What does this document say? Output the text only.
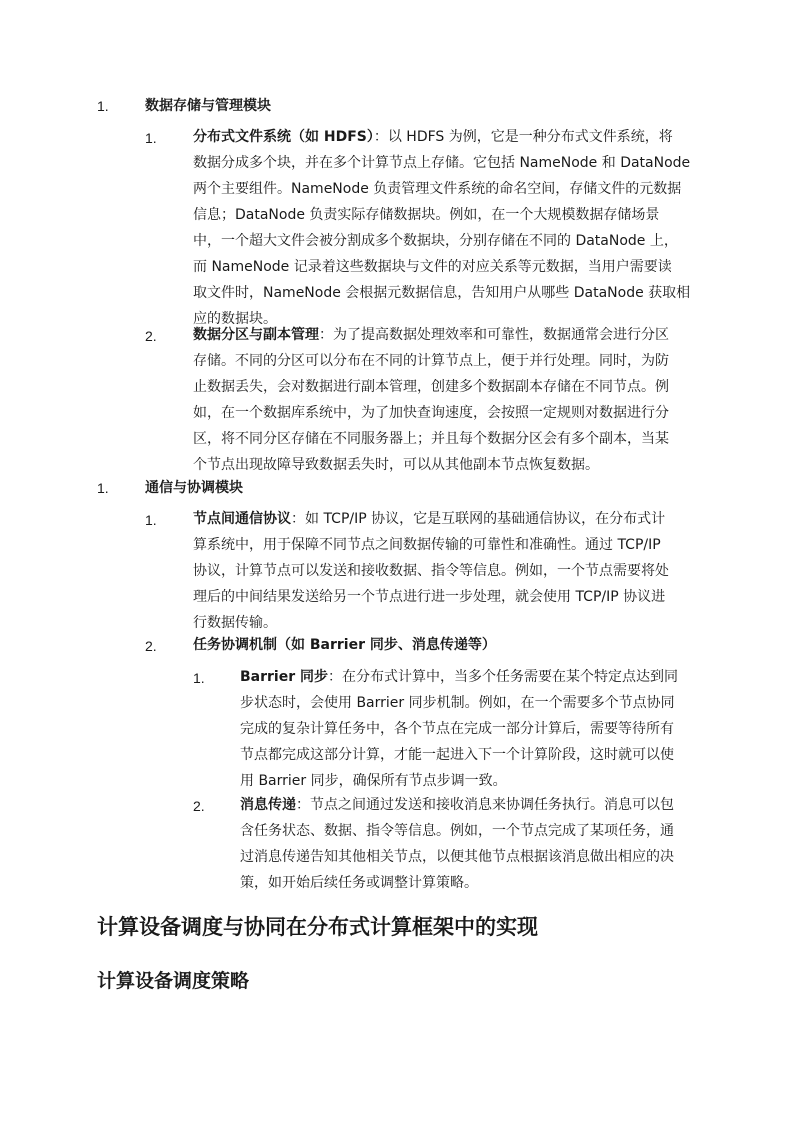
1.	数据存储与管理模块
1.	分布式文件系统（如 HDFS）：以 HDFS 为例，它是一种分布式文件系统，将
数据分成多个块，并在多个计算节点上存储。它包括 NameNode 和 DataNode
两个主要组件。NameNode 负责管理文件系统的命名空间，存储文件的元数据
信息；DataNode 负责实际存储数据块。例如，在一个大规模数据存储场景
中，一个超大文件会被分割成多个数据块，分别存储在不同的 DataNode 上，
而 NameNode 记录着这些数据块与文件的对应关系等元数据，当用户需要读
取文件时，NameNode 会根据元数据信息，告知用户从哪些 DataNode 获取相
应的数据块。
2.	数据分区与副本管理：为了提高数据处理效率和可靠性，数据通常会进行分区
存储。不同的分区可以分布在不同的计算节点上，便于并行处理。同时，为防
止数据丢失，会对数据进行副本管理，创建多个数据副本存储在不同节点。例
如，在一个数据库系统中，为了加快查询速度，会按照一定规则对数据进行分
区，将不同分区存储在不同服务器上；并且每个数据分区会有多个副本，当某
个节点出现故障导致数据丢失时，可以从其他副本节点恢复数据。
1.	通信与协调模块
1.	节点间通信协议：如 TCP/IP 协议，它是互联网的基础通信协议，在分布式计
算系统中，用于保障不同节点之间数据传输的可靠性和准确性。通过 TCP/IP
协议，计算节点可以发送和接收数据、指令等信息。例如，一个节点需要将处
理后的中间结果发送给另一个节点进行进一步处理，就会使用 TCP/IP 协议进
行数据传输。
2.	任务协调机制（如 Barrier 同步、消息传递等）
1.	Barrier 同步：在分布式计算中，当多个任务需要在某个特定点达到同
步状态时，会使用 Barrier 同步机制。例如，在一个需要多个节点协同
完成的复杂计算任务中，各个节点在完成一部分计算后，需要等待所有
节点都完成这部分计算，才能一起进入下一个计算阶段，这时就可以使
用 Barrier 同步，确保所有节点步调一致。
2.	消息传递：节点之间通过发送和接收消息来协调任务执行。消息可以包
含任务状态、数据、指令等信息。例如，一个节点完成了某项任务，通
过消息传递告知其他相关节点，以便其他节点根据该消息做出相应的决
策，如开始后续任务或调整计算策略。
计算设备调度与协同在分布式计算框架中的实现
计算设备调度策略
